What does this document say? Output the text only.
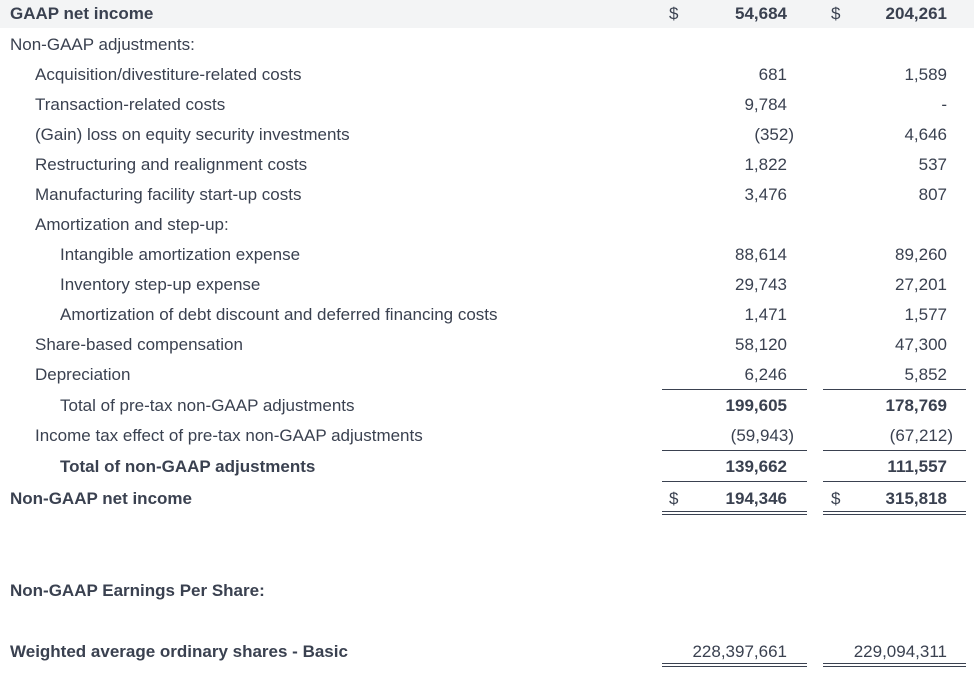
GAAP net income	$	54,684	$	204,261
Non-GAAP adjustments:
Acquisition/divestiture-related costs	681	1,589
Transaction-related costs	9,784	-
(Gain) loss on equity security investments	(352)	4,646
Restructuring and realignment costs	1,822	537
Manufacturing facility start-up costs	3,476	807
Amortization and step-up:
Intangible amortization expense	88,614	89,260
Inventory step-up expense	29,743	27,201
Amortization of debt discount and deferred financing costs	1,471	1,577
Share-based compensation	58,120	47,300
Depreciation	6,246	5,852
Total of pre-tax non-GAAP adjustments	199,605	178,769
Income tax effect of pre-tax non-GAAP adjustments	(59,943)	(67,212)
Total of non-GAAP adjustments	139,662	111,557
Non-GAAP net income	$	194,346	$	315,818
Non-GAAP Earnings Per Share:
Weighted average ordinary shares - Basic	228,397,661	229,094,311
